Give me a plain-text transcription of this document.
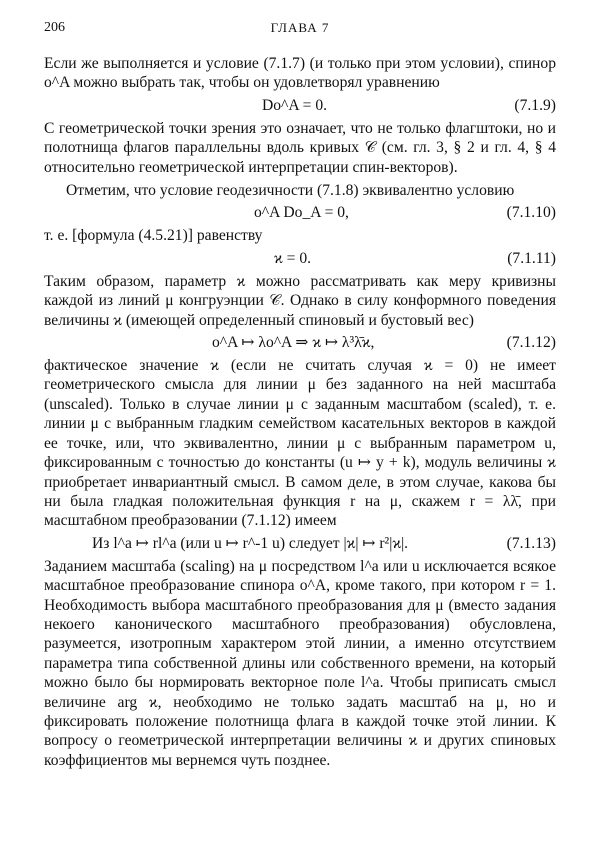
206	ГЛАВА 7

Если же выполняется и условие (7.1.7) (и только при этом условии), спинор o^A можно выбрать так, чтобы он удовлетворял уравнению

Do^A = 0.	(7.1.9)

С геометрической точки зрения это означает, что не только флагштоки, но и полотнища флагов параллельны вдоль кривых 𝒞 (см. гл. 3, § 2 и гл. 4, § 4 относительно геометрической интерпретации спин-векторов).

Отметим, что условие геодезичности (7.1.8) эквивалентно условию

o^A Do_A = 0,	(7.1.10)

т. е. [формула (4.5.21)] равенству

ϰ = 0.	(7.1.11)

Таким образом, параметр ϰ можно рассматривать как меру кривизны каждой из линий μ конгруэнции 𝒞. Однако в силу конформного поведения величины ϰ (имеющей определенный спиновый и бустовый вес)

o^A ↦ λo^A ⇒ ϰ ↦ λ³λ̄ϰ,	(7.1.12)

фактическое значение ϰ (если не считать случая ϰ = 0) не имеет геометрического смысла для линии μ без заданного на ней масштаба (unscaled). Только в случае линии μ с заданным масштабом (scaled), т. е. линии μ с выбранным гладким семейством касательных векторов в каждой ее точке, или, что эквивалентно, линии μ с выбранным параметром u, фиксированным с точностью до константы (u ↦ y + k), модуль величины ϰ приобретает инвариантный смысл. В самом деле, в этом случае, какова бы ни была гладкая положительная функция r на μ, скажем r = λλ̄, при масштабном преобразовании (7.1.12) имеем

Из l^a ↦ rl^a (или u ↦ r^-1 u) следует |ϰ| ↦ r²|ϰ|.	(7.1.13)

Заданием масштаба (scaling) на μ посредством l^a или u исключается всякое масштабное преобразование спинора o^A, кроме такого, при котором r = 1. Необходимость выбора масштабного преобразования для μ (вместо задания некоего канонического масштабного преобразования) обусловлена, разумеется, изотропным характером этой линии, а именно отсутствием параметра типа собственной длины или собственного времени, на который можно было бы нормировать векторное поле l^a. Чтобы приписать смысл величине arg ϰ, необходимо не только задать масштаб на μ, но и фиксировать положение полотнища флага в каждой точке этой линии. К вопросу о геометрической интерпретации величины ϰ и других спиновых коэффициентов мы вернемся чуть позднее.
